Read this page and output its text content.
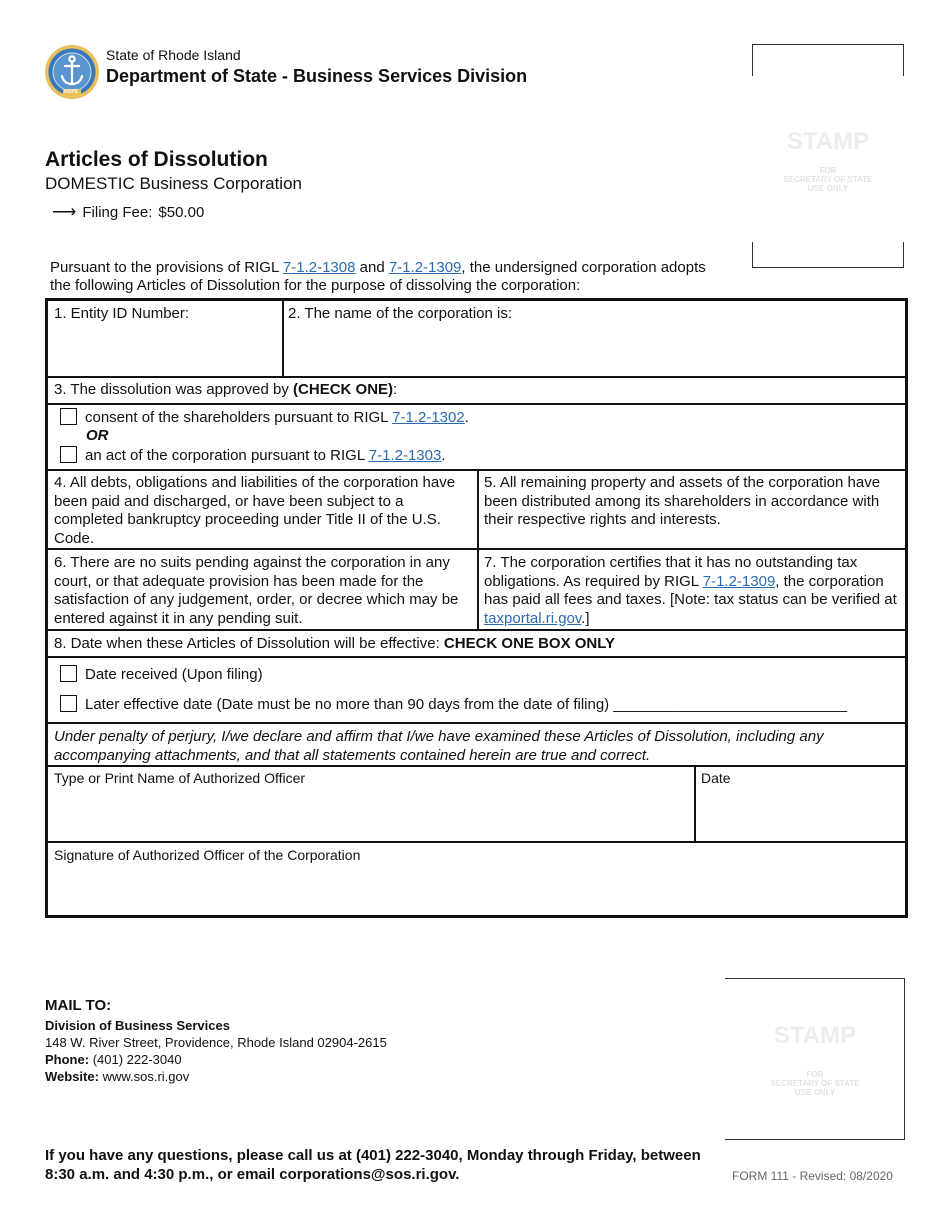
HOPE
State of Rhode Island
Department of State - Business Services Division
STAMP
FOR
SECRETARY OF STATE
USE ONLY
Articles of Dissolution
DOMESTIC Business Corporation
⟶ Filing Fee: $50.00
Pursuant to the provisions of RIGL 7-1.2-1308 and 7-1.2-1309, the undersigned corporation adopts
the following Articles of Dissolution for the purpose of dissolving the corporation:
1. Entity ID Number:	2. The name of the corporation is:
3. The dissolution was approved by (CHECK ONE):
consent of the shareholders pursuant to RIGL 7-1.2-1302.
OR
an act of the corporation pursuant to RIGL 7-1.2-1303.
4. All debts, obligations and liabilities of the corporation have been paid and discharged, or have been subject to a completed bankruptcy proceeding under Title II of the U.S. Code.
5. All remaining property and assets of the corporation have been distributed among its shareholders in accordance with their respective rights and interests.
6. There are no suits pending against the corporation in any court, or that adequate provision has been made for the satisfaction of any judgement, order, or decree which may be entered against it in any pending suit.
7. The corporation certifies that it has no outstanding tax obligations. As required by RIGL 7-1.2-1309, the corporation has paid all fees and taxes. [Note: tax status can be verified at taxportal.ri.gov.]
8. Date when these Articles of Dissolution will be effective: CHECK ONE BOX ONLY
Date received (Upon filing)
Later effective date (Date must be no more than 90 days from the date of filing) ____________________________
Under penalty of perjury, I/we declare and affirm that I/we have examined these Articles of Dissolution, including any accompanying attachments, and that all statements contained herein are true and correct.
Type or Print Name of Authorized Officer	Date
Signature of Authorized Officer of the Corporation
MAIL TO:
Division of Business Services
148 W. River Street, Providence, Rhode Island 02904-2615
Phone: (401) 222-3040
Website: www.sos.ri.gov
STAMP
FOR
SECRETARY OF STATE
USE ONLY
If you have any questions, please call us at (401) 222-3040, Monday through Friday, between 8:30 a.m. and 4:30 p.m., or email corporations@sos.ri.gov.	FORM 111 - Revised: 08/2020
